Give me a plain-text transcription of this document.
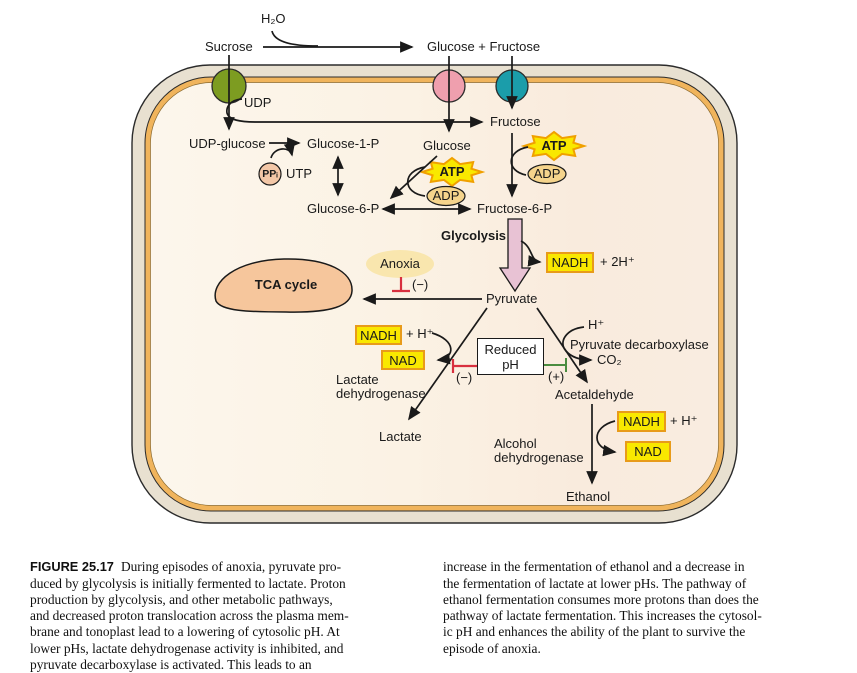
H₂O
Sucrose	Glucose + Fructose
UDP
Fructose
UDP-glucose	Glucose-1-P	Glucose
PPᵢ UTP
Glucose-6-P	Fructose-6-P
ATP
ATP
ADP
ADP
Glycolysis
NADH + 2H⁺
Pyruvate
TCA cycle
Anoxia
(−)
NADH + H⁺
NAD
Lactate
dehydrogenase
Lactate
Reduced pH
(−)	(+)
H⁺
Pyruvate decarboxylase
CO₂
Acetaldehyde
NADH + H⁺
NAD
Alcohol
dehydrogenase
Ethanol

FIGURE 25.17 During episodes of anoxia, pyruvate pro-
duced by glycolysis is initially fermented to lactate. Proton
production by glycolysis, and other metabolic pathways,
and decreased proton translocation across the plasma mem-
brane and tonoplast lead to a lowering of cytosolic pH. At
lower pHs, lactate dehydrogenase activity is inhibited, and
pyruvate decarboxylase is activated. This leads to an

increase in the fermentation of ethanol and a decrease in
the fermentation of lactate at lower pHs. The pathway of
ethanol fermentation consumes more protons than does the
pathway of lactate fermentation. This increases the cytosol-
ic pH and enhances the ability of the plant to survive the
episode of anoxia.
